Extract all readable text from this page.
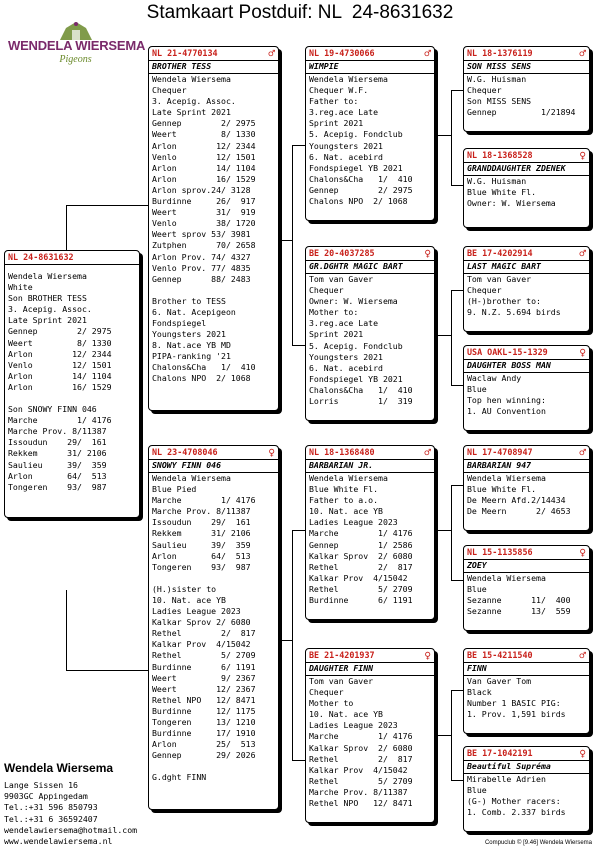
Stamkaart Postduif: NL  24-8631632
WENDELA WIERSEMA
Pigeons
NL 24-8631632
Wendela Wiersema
White
Son BROTHER TESS
3. Acepig. Assoc.
Late Sprint 2021
Gennep        2/ 2975
Weert         8/ 1330
Arlon        12/ 2344
Venlo        12/ 1501
Arlon        14/ 1104
Arlon        16/ 1529
Son SNOWY FINN 046
Marche        1/ 4176
Marche Prov. 8/11387
Issoudun    29/  161
Rekkem      31/ 2106
Saulieu     39/  359
Arlon       64/  513
Tongeren    93/  987
NL 21-4770134	♂
BROTHER TESS
Wendela Wiersema
Chequer
3. Acepig. Assoc.
Late Sprint 2021
Gennep        2/ 2975
Weert         8/ 1330
Arlon        12/ 2344
Venlo        12/ 1501
Arlon        14/ 1104
Arlon        16/ 1529
Arlon sprov.24/ 3128
Burdinne     26/  917
Weert        31/  919
Venlo        38/ 1720
Weert sprov 53/ 3981
Zutphen      70/ 2658
Arlon Prov. 74/ 4327
Venlo Prov. 77/ 4835
Gennep      88/ 2483
Brother to TESS
6. Nat. Acepigeon
Fondspiegel
Youngsters 2021
8. Nat.ace YB MD
PIPA-ranking '21
Chalons&Cha   1/  410
Chalons NPO  2/ 1068
NL 23-4708046	♀
SNOWY FINN 046
Wendela Wiersema
Blue Pied
Marche        1/ 4176
Marche Prov. 8/11387
Issoudun    29/  161
Rekkem      31/ 2106
Saulieu     39/  359
Arlon       64/  513
Tongeren    93/  987
(H.)sister to
10. Nat. ace YB
Ladies League 2023
Kalkar Sprov 2/ 6080
Rethel        2/  817
Kalkar Prov  4/15042
Rethel        5/ 2709
Burdinne      6/ 1191
Weert         9/ 2367
Weert        12/ 2367
Rethel NPO   12/ 8471
Burdinne     12/ 1175
Tongeren     13/ 1210
Burdinne     17/ 1910
Arlon        25/  513
Gennep       29/ 2026
G.dght FINN
NL 19-4730066	♂
WIMPIE
Wendela Wiersema
Chequer W.F.
Father to:
3.reg.ace Late
Sprint 2021
5. Acepig. Fondclub
Youngsters 2021
6. Nat. acebird
Fondspiegel YB 2021
Chalons&Cha   1/  410
Gennep        2/ 2975
Chalons NPO  2/ 1068
BE 20-4037285	♀
GR.DGHTR MAGIC BART
Tom van Gaver
Chequer
Owner: W. Wiersema
Mother to:
3.reg.ace Late
Sprint 2021
5. Acepig. Fondclub
Youngsters 2021
6. Nat. acebird
Fondspiegel YB 2021
Chalons&Cha   1/  410
Lorris        1/  319
NL 18-1368480	♂
BARBARIAN JR.
Wendela Wiersema
Blue White Fl.
Father to a.o.
10. Nat. ace YB
Ladies League 2023
Marche        1/ 4176
Gennep        1/ 2586
Kalkar Sprov  2/ 6080
Rethel        2/  817
Kalkar Prov  4/15042
Rethel        5/ 2709
Burdinne      6/ 1191
BE 21-4201937	♀
DAUGHTER FINN
Tom van Gaver
Chequer
Mother to
10. Nat. ace YB
Ladies League 2023
Marche        1/ 4176
Kalkar Sprov  2/ 6080
Rethel        2/  817
Kalkar Prov  4/15042
Rethel        5/ 2709
Marche Prov. 8/11387
Rethel NPO   12/ 8471
NL 18-1376119	♂
SON MISS SENS
W.G. Huisman
Chequer
Son MISS SENS
Gennep         1/21894
NL 18-1368528	♀
GRANDDAUGHTER ZDENEK
W.G. Huisman
Blue White Fl.
Owner: W. Wiersema
BE 17-4202914	♂
LAST MAGIC BART
Tom van Gaver
Chequer
(H-)brother to:
9. N.Z. 5.694 birds
USA OAKL-15-1329	♀
DAUGHTER BOSS MAN
Waclaw Andy
Blue
Top hen winning:
1. AU Convention
NL 17-4708947	♂
BARBARIAN 947
Wendela Wiersema
Blue White Fl.
De Meern Afd.2/14434
De Meern      2/ 4653
NL 15-1135856	♀
ZOEY
Wendela Wiersema
Blue
Sezanne      11/  400
Sezanne      13/  559
BE 15-4211540	♂
FINN
Van Gaver Tom
Black
Number 1 BASIC PIG:
1. Prov. 1,591 birds
BE 17-1042191	♀
Beautiful Supréma
Mirabelle Adrien
Blue
(G-) Mother racers:
1. Comb. 2.337 birds
Wendela Wiersema
Lange Sissen 16
9903GC Appingedam
Tel.:+31 596 850793
Tel.:+31 6 36592407
wendelawiersema@hotmail.com
www.wendelawiersema.nl	Compuclub © [9.46] Wendela Wiersema
